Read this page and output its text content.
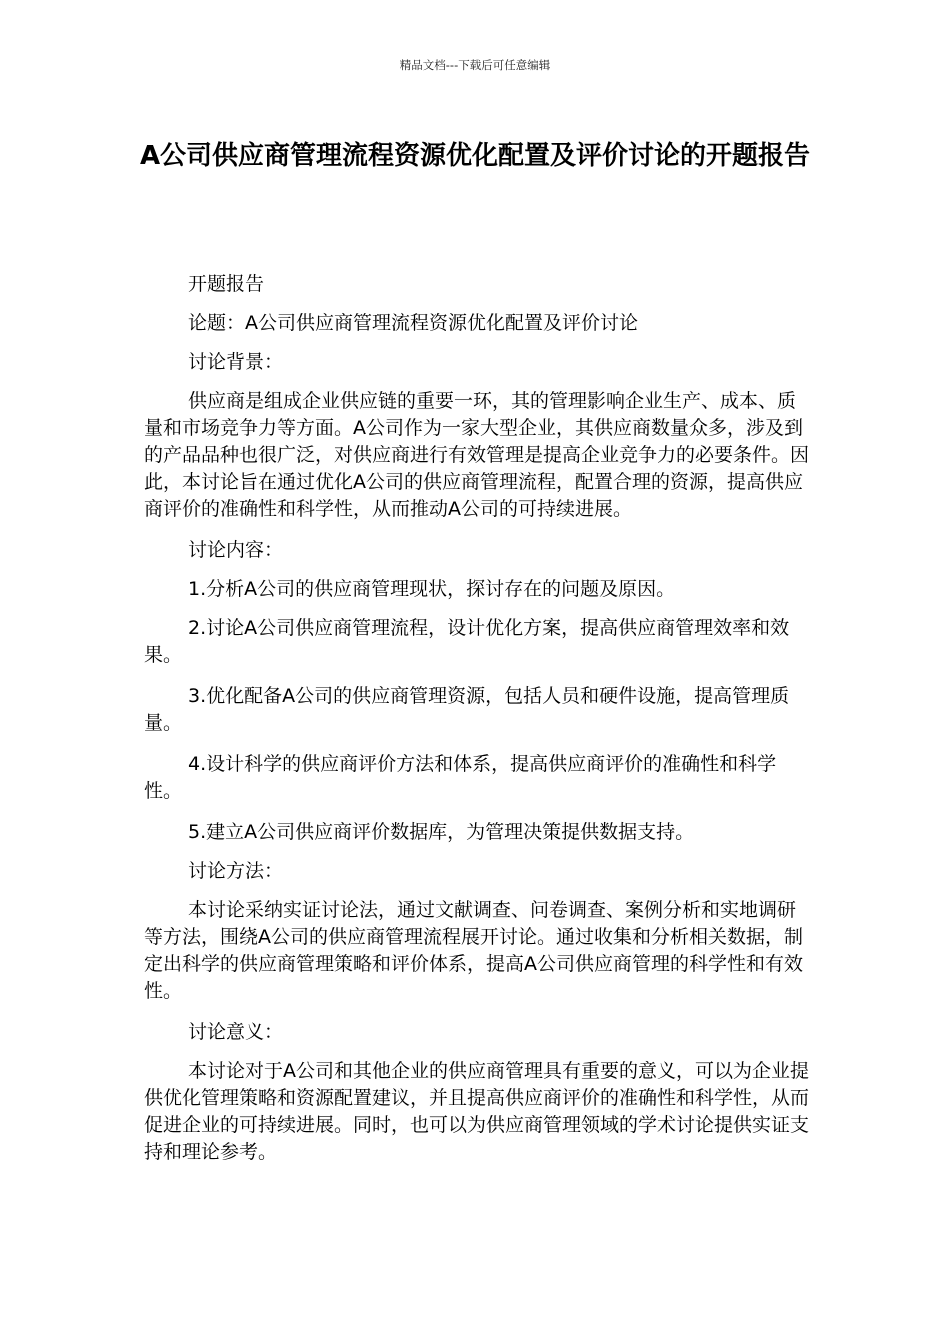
精品文档---下载后可任意编辑
A公司供应商管理流程资源优化配置及评价讨论的开题报告

开题报告

论题：A公司供应商管理流程资源优化配置及评价讨论

讨论背景：

供应商是组成企业供应链的重要一环，其的管理影响企业生产、成本、质量和市场竞争力等方面。A公司作为一家大型企业，其供应商数量众多，涉及到的产品品种也很广泛，对供应商进行有效管理是提高企业竞争力的必要条件。因此，本讨论旨在通过优化A公司的供应商管理流程，配置合理的资源，提高供应商评价的准确性和科学性，从而推动A公司的可持续进展。

讨论内容：

1.分析A公司的供应商管理现状，探讨存在的问题及原因。

2.讨论A公司供应商管理流程，设计优化方案，提高供应商管理效率和效果。

3.优化配备A公司的供应商管理资源，包括人员和硬件设施，提高管理质量。

4.设计科学的供应商评价方法和体系，提高供应商评价的准确性和科学性。

5.建立A公司供应商评价数据库，为管理决策提供数据支持。

讨论方法：

本讨论采纳实证讨论法，通过文献调查、问卷调查、案例分析和实地调研等方法，围绕A公司的供应商管理流程展开讨论。通过收集和分析相关数据，制定出科学的供应商管理策略和评价体系，提高A公司供应商管理的科学性和有效性。

讨论意义：

本讨论对于A公司和其他企业的供应商管理具有重要的意义，可以为企业提供优化管理策略和资源配置建议，并且提高供应商评价的准确性和科学性，从而促进企业的可持续进展。同时，也可以为供应商管理领域的学术讨论提供实证支持和理论参考。
